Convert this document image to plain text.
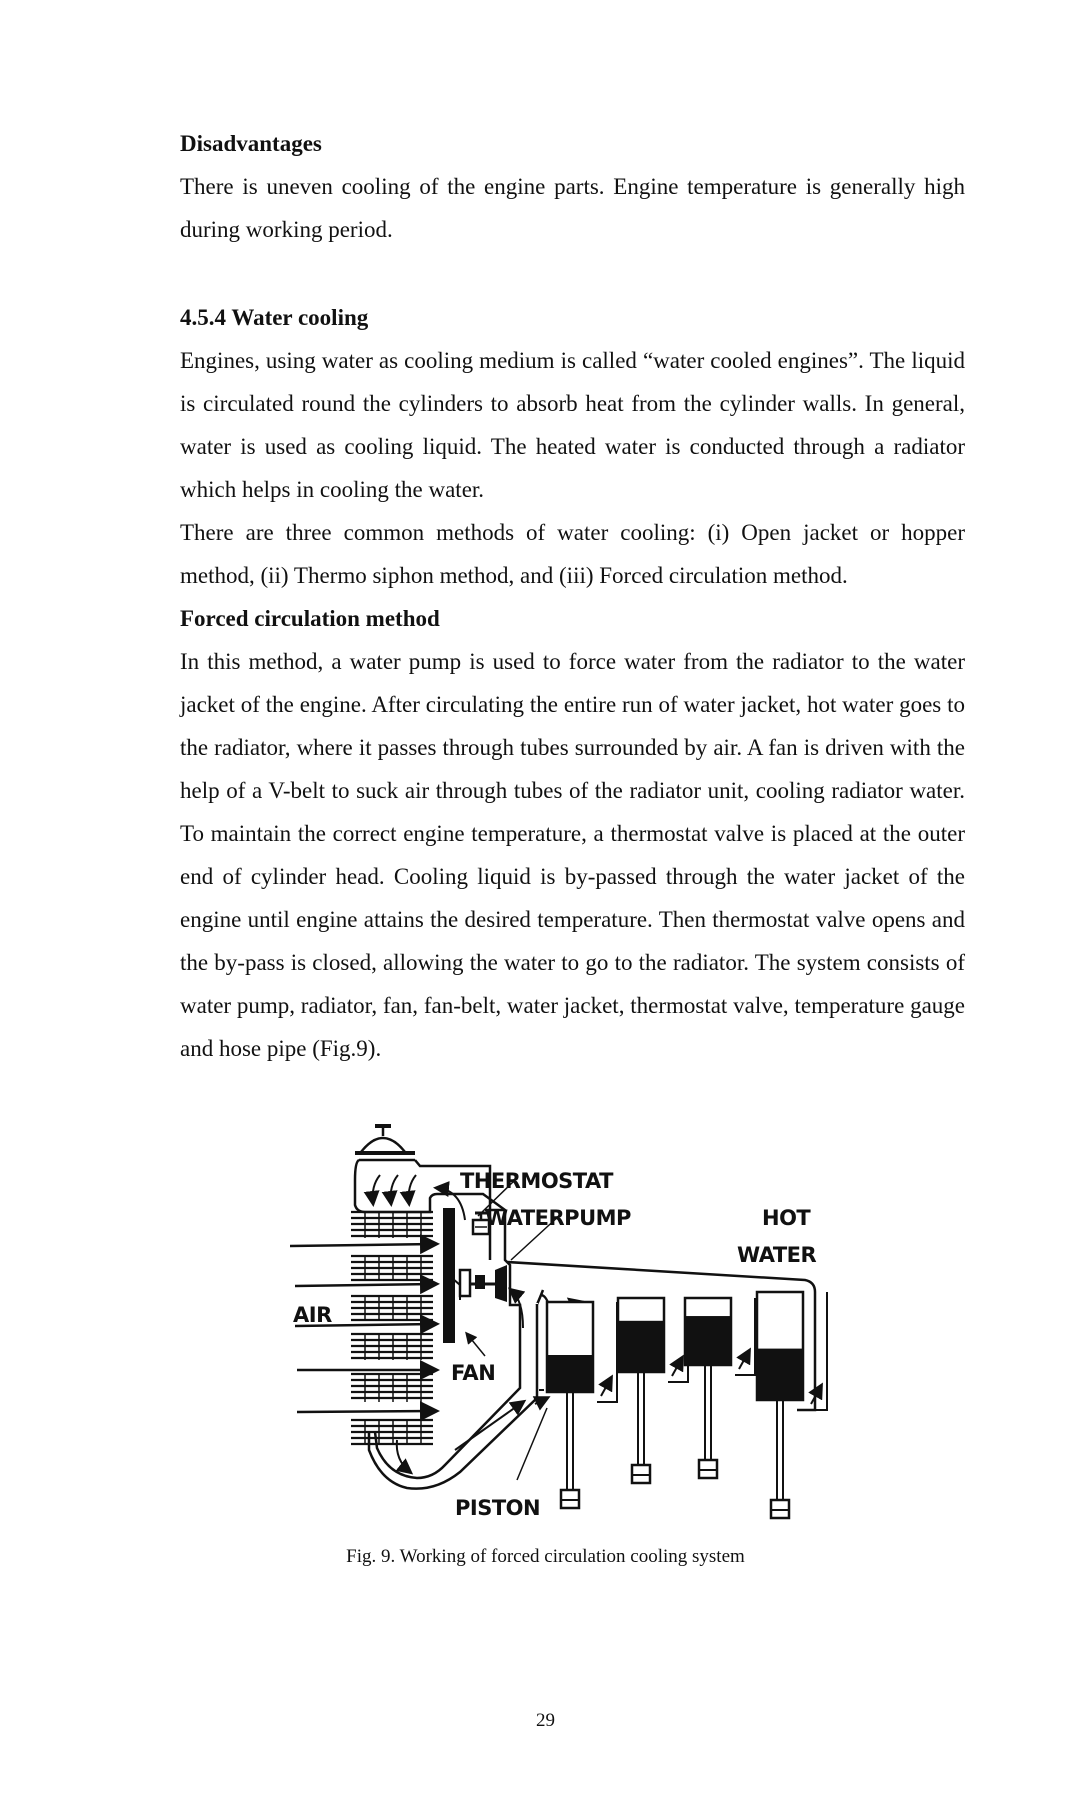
Disadvantages

There is uneven cooling of the engine parts. Engine temperature is generally high during working period.

4.5.4 Water cooling

Engines, using water as cooling medium is called “water cooled engines”. The liquid is circulated round the cylinders to absorb heat from the cylinder walls. In general, water is used as cooling liquid. The heated water is conducted through a radiator which helps in cooling the water.

There are three common methods of water cooling: (i) Open jacket or hopper method, (ii) Thermo siphon method, and (iii) Forced circulation method.

Forced circulation method

In this method, a water pump is used to force water from the radiator to the water jacket of the engine. After circulating the entire run of water jacket, hot water goes to the radiator, where it passes through tubes surrounded by air. A fan is driven with the help of a V-belt to suck air through tubes of the radiator unit, cooling radiator water. To maintain the correct engine temperature, a thermostat valve is placed at the outer end of cylinder head. Cooling liquid is by-passed through the water jacket of the engine until engine attains the desired temperature. Then thermostat valve opens and the by-pass is closed, allowing the water to go to the radiator. The system consists of water pump, radiator, fan, fan-belt, water jacket, thermostat valve, temperature gauge and hose pipe (Fig.9).

THERMOSTAT
WATERPUMP	HOT
WATER
AIR
FAN
PISTON
Fig. 9. Working of forced circulation cooling system
29
